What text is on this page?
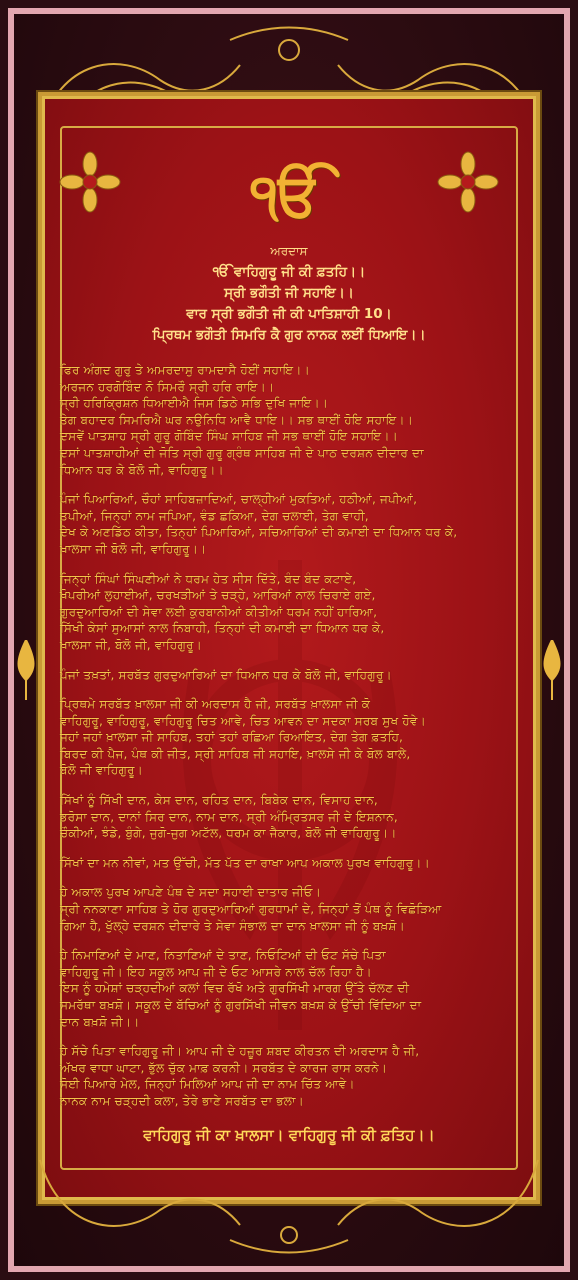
ੴ
ਅਰਦਾਸ
ੴ ਵਾਹਿਗੁਰੂ ਜੀ ਕੀ ਫ਼ਤਹਿ।।
ਸ੍ਰੀ ਭਗੌਤੀ ਜੀ ਸਹਾਇ।।
ਵਾਰ ਸ੍ਰੀ ਭਗੌਤੀ ਜੀ ਕੀ ਪਾਤਿਸ਼ਾਹੀ 10।
ਪ੍ਰਿਥਮ ਭਗੌਤੀ ਸਿਮਰਿ ਕੈ ਗੁਰ ਨਾਨਕ ਲਈਂ ਧਿਆਇ।।
ਫਿਰ ਅੰਗਦ ਗੁਰੁ ਤੇ ਅਮਰਦਾਸੁ ਰਾਮਦਾਸੈ ਹੋਈਂ ਸਹਾਇ।।
ਅਰਜਨ ਹਰਗੋਬਿੰਦ ਨੋ ਸਿਮਰੌ ਸ੍ਰੀ ਹਰਿ ਰਾਇ।।
ਸ੍ਰੀ ਹਰਿਕ੍ਰਿਸ਼ਨ ਧਿਆਈਐ ਜਿਸ ਡਿਠੇ ਸਭਿ ਦੁਖਿ ਜਾਇ।।
ਤੇਗ ਬਹਾਦਰ ਸਿਮਰਿਐ ਘਰ ਨਉਨਿਧਿ ਆਵੈ ਧਾਇ।। ਸਭ ਥਾਈਂ ਹੋਇ ਸਹਾਇ।।
ਦਸਵੇਂ ਪਾਤਸ਼ਾਹ ਸ੍ਰੀ ਗੁਰੂ ਗੋਬਿੰਦ ਸਿੰਘ ਸਾਹਿਬ ਜੀ ਸਭ ਥਾਈਂ ਹੋਇ ਸਹਾਇ।।
ਦਸਾਂ ਪਾਤਸ਼ਾਹੀਆਂ ਦੀ ਜੋਤਿ ਸ੍ਰੀ ਗੁਰੂ ਗ੍ਰੰਥ ਸਾਹਿਬ ਜੀ ਦੇ ਪਾਠ ਦਰਸ਼ਨ ਦੀਦਾਰ ਦਾ
ਧਿਆਨ ਧਰ ਕੇ ਬੋਲੋ ਜੀ, ਵਾਹਿਗੁਰੂ।।
ਪੰਜਾਂ ਪਿਆਰਿਆਂ, ਚੌਹਾਂ ਸਾਹਿਬਜ਼ਾਦਿਆਂ, ਚਾਲ੍ਹੀਆਂ ਮੁਕਤਿਆਂ, ਹਠੀਆਂ, ਜਪੀਆਂ,
ਤਪੀਆਂ, ਜਿਨ੍ਹਾਂ ਨਾਮ ਜਪਿਆ, ਵੰਡ ਛਕਿਆ, ਦੇਗ ਚਲਾਈ, ਤੇਗ ਵਾਹੀ,
ਦੇਖ ਕੇ ਅਣਡਿੱਠ ਕੀਤਾ, ਤਿਨ੍ਹਾਂ ਪਿਆਰਿਆਂ, ਸਚਿਆਰਿਆਂ ਦੀ ਕਮਾਈ ਦਾ ਧਿਆਨ ਧਰ ਕੇ,
ਖ਼ਾਲਸਾ ਜੀ ਬੋਲੋ ਜੀ, ਵਾਹਿਗੁਰੂ।।
ਜਿਨ੍ਹਾਂ ਸਿੰਘਾਂ ਸਿੰਘਣੀਆਂ ਨੇ ਧਰਮ ਹੇਤ ਸੀਸ ਦਿੱਤੇ, ਬੰਦ ਬੰਦ ਕਟਾਏ,
ਖੋਪਰੀਆਂ ਲੁਹਾਈਆਂ, ਚਰਖੜੀਆਂ ਤੇ ਚੜ੍ਹੇ, ਆਰਿਆਂ ਨਾਲ ਚਿਰਾਏ ਗਏ,
ਗੁਰਦੁਆਰਿਆਂ ਦੀ ਸੇਵਾ ਲਈ ਕੁਰਬਾਨੀਆਂ ਕੀਤੀਆਂ ਧਰਮ ਨਹੀਂ ਹਾਰਿਆ,
ਸਿੱਖੀ ਕੇਸਾਂ ਸੁਆਸਾਂ ਨਾਲ ਨਿਬਾਹੀ, ਤਿਨ੍ਹਾਂ ਦੀ ਕਮਾਈ ਦਾ ਧਿਆਨ ਧਰ ਕੇ,
ਖ਼ਾਲਸਾ ਜੀ, ਬੋਲੋ ਜੀ, ਵਾਹਿਗੁਰੂ।
ਪੰਜਾਂ ਤਖ਼ਤਾਂ, ਸਰਬੱਤ ਗੁਰਦੁਆਰਿਆਂ ਦਾ ਧਿਆਨ ਧਰ ਕੇ ਬੋਲੋ ਜੀ, ਵਾਹਿਗੁਰੂ।
ਪ੍ਰਿਥਮੇ ਸਰਬੱਤ ਖ਼ਾਲਸਾ ਜੀ ਕੀ ਅਰਦਾਸ ਹੈ ਜੀ, ਸਰਬੱਤ ਖ਼ਾਲਸਾ ਜੀ ਕੋ
ਵਾਹਿਗੁਰੂ, ਵਾਹਿਗੁਰੂ, ਵਾਹਿਗੁਰੂ ਚਿਤ ਆਵੇ, ਚਿਤ ਆਵਨ ਦਾ ਸਦਕਾ ਸਰਬ ਸੁਖ ਹੋਵੇ।
ਜਹਾਂ ਜਹਾਂ ਖ਼ਾਲਸਾ ਜੀ ਸਾਹਿਬ, ਤਹਾਂ ਤਹਾਂ ਰਛਿਆ ਰਿਆਇਤ, ਦੇਗ ਤੇਗ ਫ਼ਤਹਿ,
ਬਿਰਦ ਕੀ ਪੈਜ, ਪੰਥ ਕੀ ਜੀਤ, ਸ੍ਰੀ ਸਾਹਿਬ ਜੀ ਸਹਾਇ, ਖ਼ਾਲਸੇ ਜੀ ਕੇ ਬੋਲ ਬਾਲੇ,
ਬੋਲੋ ਜੀ ਵਾਹਿਗੁਰੂ।
ਸਿੱਖਾਂ ਨੂੰ ਸਿੱਖੀ ਦਾਨ, ਕੇਸ ਦਾਨ, ਰਹਿਤ ਦਾਨ, ਬਿਬੇਕ ਦਾਨ, ਵਿਸਾਹ ਦਾਨ,
ਭਰੋਸਾ ਦਾਨ, ਦਾਨਾਂ ਸਿਰ ਦਾਨ, ਨਾਮ ਦਾਨ, ਸ੍ਰੀ ਅੰਮ੍ਰਿਤਸਰ ਜੀ ਦੇ ਇਸ਼ਨਾਨ,
ਚੌਕੀਆਂ, ਝੰਡੇ, ਬੁੰਗੇ, ਜੁਗੋ-ਜੁਗ ਅਟੱਲ, ਧਰਮ ਕਾ ਜੈਕਾਰ, ਬੋਲੋ ਜੀ ਵਾਹਿਗੁਰੂ।।
ਸਿੱਖਾਂ ਦਾ ਮਨ ਨੀਵਾਂ, ਮਤ ਉੱਚੀ, ਮੱਤ ਪੱਤ ਦਾ ਰਾਖਾ ਆਪ ਅਕਾਲ ਪੁਰਖ ਵਾਹਿਗੁਰੂ।।
ਹੇ ਅਕਾਲ ਪੁਰਖ ਆਪਣੇ ਪੰਥ ਦੇ ਸਦਾ ਸਹਾਈ ਦਾਤਾਰ ਜੀਓ।
ਸ੍ਰੀ ਨਨਕਾਣਾ ਸਾਹਿਬ ਤੇ ਹੋਰ ਗੁਰਦੁਆਰਿਆਂ ਗੁਰਧਾਮਾਂ ਦੇ, ਜਿਨ੍ਹਾਂ ਤੋਂ ਪੰਥ ਨੂੰ ਵਿਛੋੜਿਆ
ਗਿਆ ਹੈ, ਖੁੱਲ੍ਹੇ ਦਰਸ਼ਨ ਦੀਦਾਰੇ ਤੇ ਸੇਵਾ ਸੰਭਾਲ ਦਾ ਦਾਨ ਖ਼ਾਲਸਾ ਜੀ ਨੂੰ ਬਖ਼ਸ਼ੋ।
ਹੇ ਨਿਮਾਣਿਆਂ ਦੇ ਮਾਣ, ਨਿਤਾਣਿਆਂ ਦੇ ਤਾਣ, ਨਿਓਟਿਆਂ ਦੀ ਓਟ ਸੱਚੇ ਪਿਤਾ
ਵਾਹਿਗੁਰੂ ਜੀ। ਇਹ ਸਕੂਲ ਆਪ ਜੀ ਦੇ ਓਟ ਆਸਰੇ ਨਾਲ ਚੱਲ ਰਿਹਾ ਹੈ।
ਇਸ ਨੂੰ ਹਮੇਸ਼ਾਂ ਚੜ੍ਹਦੀਆਂ ਕਲਾਂ ਵਿਚ ਰੱਖੋ ਅਤੇ ਗੁਰਸਿੱਖੀ ਮਾਰਗ ਉੱਤੇ ਚੱਲਣ ਦੀ
ਸਮਰੱਥਾ ਬਖ਼ਸ਼ੋ। ਸਕੂਲ ਦੇ ਬੱਚਿਆਂ ਨੂੰ ਗੁਰਸਿੱਖੀ ਜੀਵਨ ਬਖ਼ਸ਼ ਕੇ ਉੱਚੀ ਵਿੱਦਿਆ ਦਾ
ਦਾਨ ਬਖ਼ਸ਼ੋ ਜੀ।।
ਹੇ ਸੱਚੇ ਪਿਤਾ ਵਾਹਿਗੁਰੂ ਜੀ। ਆਪ ਜੀ ਦੇ ਹਜ਼ੂਰ ਸ਼ਬਦ ਕੀਰਤਨ ਦੀ ਅਰਦਾਸ ਹੈ ਜੀ,
ਅੱਖਰ ਵਾਧਾ ਘਾਟਾ, ਭੁੱਲ ਚੁੱਕ ਮਾਫ਼ ਕਰਨੀ। ਸਰਬੱਤ ਦੇ ਕਾਰਜ ਰਾਸ ਕਰਨੇ।
ਸੋਈ ਪਿਆਰੇ ਮੇਲ, ਜਿਨ੍ਹਾਂ ਮਿਲਿਆਂ ਆਪ ਜੀ ਦਾ ਨਾਮ ਚਿੱਤ ਆਵੇ।
ਨਾਨਕ ਨਾਮ ਚੜ੍ਹਦੀ ਕਲਾ, ਤੇਰੇ ਭਾਣੇ ਸਰਬੱਤ ਦਾ ਭਲਾ।
ਵਾਹਿਗੁਰੂ ਜੀ ਕਾ ਖ਼ਾਲਸਾ। ਵਾਹਿਗੁਰੂ ਜੀ ਕੀ ਫ਼ਤਿਹ।।
